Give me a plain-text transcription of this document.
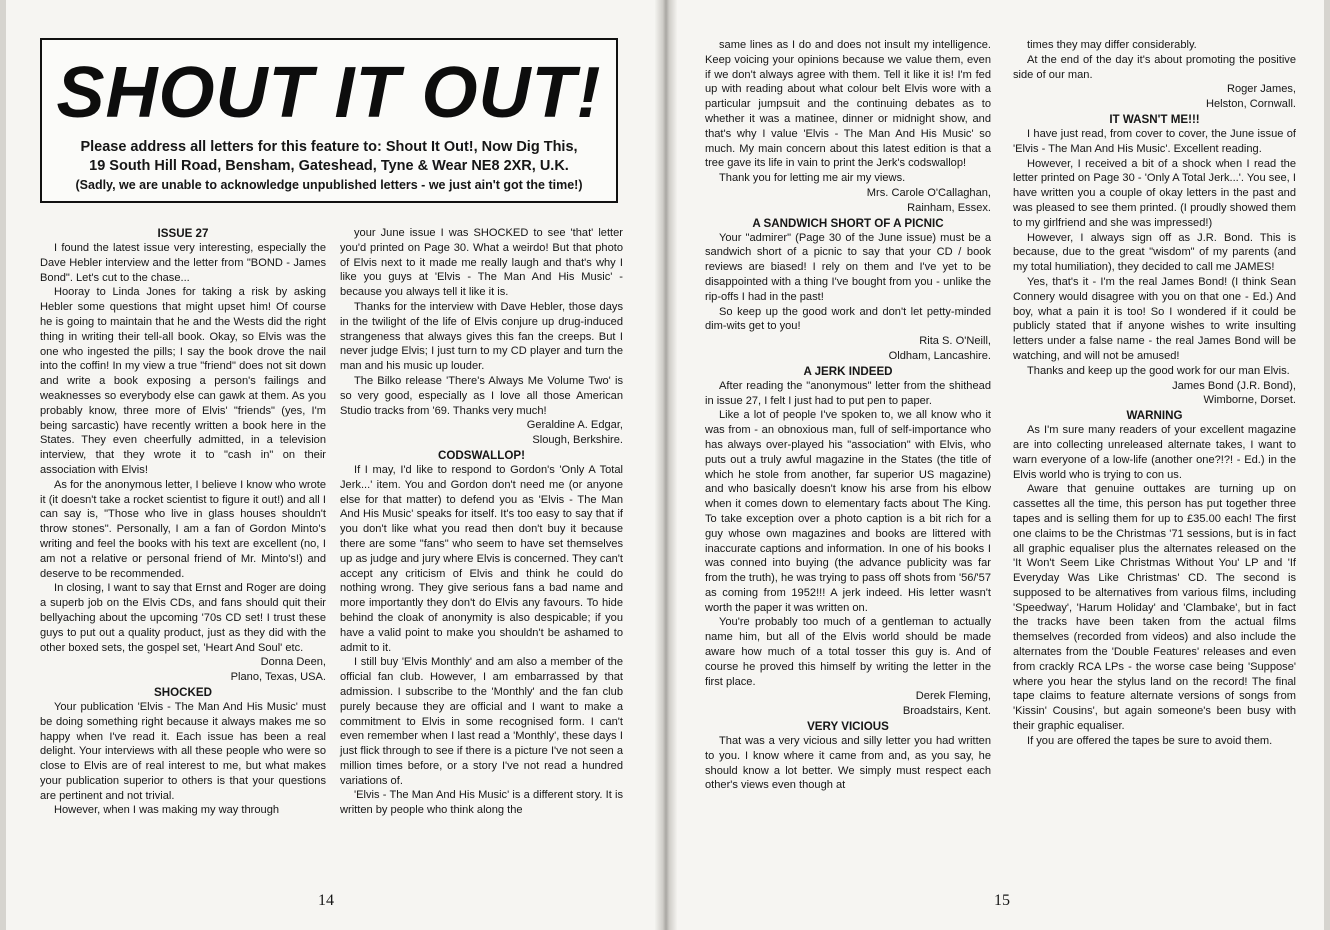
SHOUT IT OUT!
Please address all letters for this feature to: Shout It Out!, Now Dig This,
19 South Hill Road, Bensham, Gateshead, Tyne & Wear NE8 2XR, U.K.
(Sadly, we are unable to acknowledge unpublished letters - we just ain't got the time!)
ISSUE 27

I found the latest issue very interesting, especially the Dave Hebler interview and the letter from "BOND - James Bond". Let's cut to the chase...

Hooray to Linda Jones for taking a risk by asking Hebler some questions that might upset him! Of course he is going to maintain that he and the Wests did the right thing in writing their tell-all book. Okay, so Elvis was the one who ingested the pills; I say the book drove the nail into the coffin! In my view a true "friend" does not sit down and write a book exposing a person's failings and weaknesses so everybody else can gawk at them. As you probably know, three more of Elvis' "friends" (yes, I'm being sarcastic) have recently written a book here in the States. They even cheerfully admitted, in a television interview, that they wrote it to "cash in" on their association with Elvis!

As for the anonymous letter, I believe I know who wrote it (it doesn't take a rocket scientist to figure it out!) and all I can say is, "Those who live in glass houses shouldn't throw stones". Personally, I am a fan of Gordon Minto's writing and feel the books with his text are excellent (no, I am not a relative or personal friend of Mr. Minto's!) and deserve to be recommended.

In closing, I want to say that Ernst and Roger are doing a superb job on the Elvis CDs, and fans should quit their bellyaching about the upcoming '70s CD set! I trust these guys to put out a quality product, just as they did with the other boxed sets, the gospel set, 'Heart And Soul' etc.

Donna Deen,

Plano, Texas, USA.

SHOCKED

Your publication 'Elvis - The Man And His Music' must be doing something right because it always makes me so happy when I've read it. Each issue has been a real delight. Your interviews with all these people who were so close to Elvis are of real interest to me, but what makes your publication superior to others is that your questions are pertinent and not trivial.

However, when I was making my way through

your June issue I was SHOCKED to see 'that' letter you'd printed on Page 30. What a weirdo! But that photo of Elvis next to it made me really laugh and that's why I like you guys at 'Elvis - The Man And His Music' - because you always tell it like it is.

Thanks for the interview with Dave Hebler, those days in the twilight of the life of Elvis conjure up drug-induced strangeness that always gives this fan the creeps. But I never judge Elvis; I just turn to my CD player and turn the man and his music up louder.

The Bilko release 'There's Always Me Volume Two' is so very good, especially as I love all those American Studio tracks from '69. Thanks very much!

Geraldine A. Edgar,

Slough, Berkshire.

CODSWALLOP!

If I may, I'd like to respond to Gordon's 'Only A Total Jerk...' item. You and Gordon don't need me (or anyone else for that matter) to defend you as 'Elvis - The Man And His Music' speaks for itself. It's too easy to say that if you don't like what you read then don't buy it because there are some "fans" who seem to have set themselves up as judge and jury where Elvis is concerned. They can't accept any criticism of Elvis and think he could do nothing wrong. They give serious fans a bad name and more importantly they don't do Elvis any favours. To hide behind the cloak of anonymity is also despicable; if you have a valid point to make you shouldn't be ashamed to admit to it.

I still buy 'Elvis Monthly' and am also a member of the official fan club. However, I am embarrassed by that admission. I subscribe to the 'Monthly' and the fan club purely because they are official and I want to make a commitment to Elvis in some recognised form. I can't even remember when I last read a 'Monthly', these days I just flick through to see if there is a picture I've not seen a million times before, or a story I've not read a hundred variations of.

'Elvis - The Man And His Music' is a different story. It is written by people who think along the

14

same lines as I do and does not insult my intelligence. Keep voicing your opinions because we value them, even if we don't always agree with them. Tell it like it is! I'm fed up with reading about what colour belt Elvis wore with a particular jumpsuit and the continuing debates as to whether it was a matinee, dinner or midnight show, and that's why I value 'Elvis - The Man And His Music' so much. My main concern about this latest edition is that a tree gave its life in vain to print the Jerk's codswallop!

Thank you for letting me air my views.

Mrs. Carole O'Callaghan,

Rainham, Essex.

A SANDWICH SHORT OF A PICNIC

Your "admirer" (Page 30 of the June issue) must be a sandwich short of a picnic to say that your CD / book reviews are biased! I rely on them and I've yet to be disappointed with a thing I've bought from you - unlike the rip-offs I had in the past!

So keep up the good work and don't let petty-minded dim-wits get to you!

Rita S. O'Neill,

Oldham, Lancashire.

A JERK INDEED

After reading the "anonymous" letter from the shithead in issue 27, I felt I just had to put pen to paper.

Like a lot of people I've spoken to, we all know who it was from - an obnoxious man, full of self-importance who has always over-played his "association" with Elvis, who puts out a truly awful magazine in the States (the title of which he stole from another, far superior US magazine) and who basically doesn't know his arse from his elbow when it comes down to elementary facts about The King. To take exception over a photo caption is a bit rich for a guy whose own magazines and books are littered with inaccurate captions and information. In one of his books I was conned into buying (the advance publicity was far from the truth), he was trying to pass off shots from '56/'57 as coming from 1952!!! A jerk indeed. His letter wasn't worth the paper it was written on.

You're probably too much of a gentleman to actually name him, but all of the Elvis world should be made aware how much of a total tosser this guy is. And of course he proved this himself by writing the letter in the first place.

Derek Fleming,

Broadstairs, Kent.

VERY VICIOUS

That was a very vicious and silly letter you had written to you. I know where it came from and, as you say, he should know a lot better. We simply must respect each other's views even though at

times they may differ considerably.

At the end of the day it's about promoting the positive side of our man.

Roger James,

Helston, Cornwall.

IT WASN'T ME!!!

I have just read, from cover to cover, the June issue of 'Elvis - The Man And His Music'. Excellent reading.

However, I received a bit of a shock when I read the letter printed on Page 30 - 'Only A Total Jerk...'. You see, I have written you a couple of okay letters in the past and was pleased to see them printed. (I proudly showed them to my girlfriend and she was impressed!)

However, I always sign off as J.R. Bond. This is because, due to the great "wisdom" of my parents (and my total humiliation), they decided to call me JAMES!

Yes, that's it - I'm the real James Bond! (I think Sean Connery would disagree with you on that one - Ed.) And boy, what a pain it is too! So I wondered if it could be publicly stated that if anyone wishes to write insulting letters under a false name - the real James Bond will be watching, and will not be amused!

Thanks and keep up the good work for our man Elvis.

James Bond (J.R. Bond),

Wimborne, Dorset.

WARNING

As I'm sure many readers of your excellent magazine are into collecting unreleased alternate takes, I want to warn everyone of a low-life (another one?!?! - Ed.) in the Elvis world who is trying to con us.

Aware that genuine outtakes are turning up on cassettes all the time, this person has put together three tapes and is selling them for up to £35.00 each! The first one claims to be the Christmas '71 sessions, but is in fact all graphic equaliser plus the alternates released on the 'It Won't Seem Like Christmas Without You' LP and 'If Everyday Was Like Christmas' CD. The second is supposed to be alternatives from various films, including 'Speedway', 'Harum Holiday' and 'Clambake', but in fact the tracks have been taken from the actual films themselves (recorded from videos) and also include the alternates from the 'Double Features' releases and even from crackly RCA LPs - the worse case being 'Suppose' where you hear the stylus land on the record! The final tape claims to feature alternate versions of songs from 'Kissin' Cousins', but again someone's been busy with their graphic equaliser.

If you are offered the tapes be sure to avoid them.

15
